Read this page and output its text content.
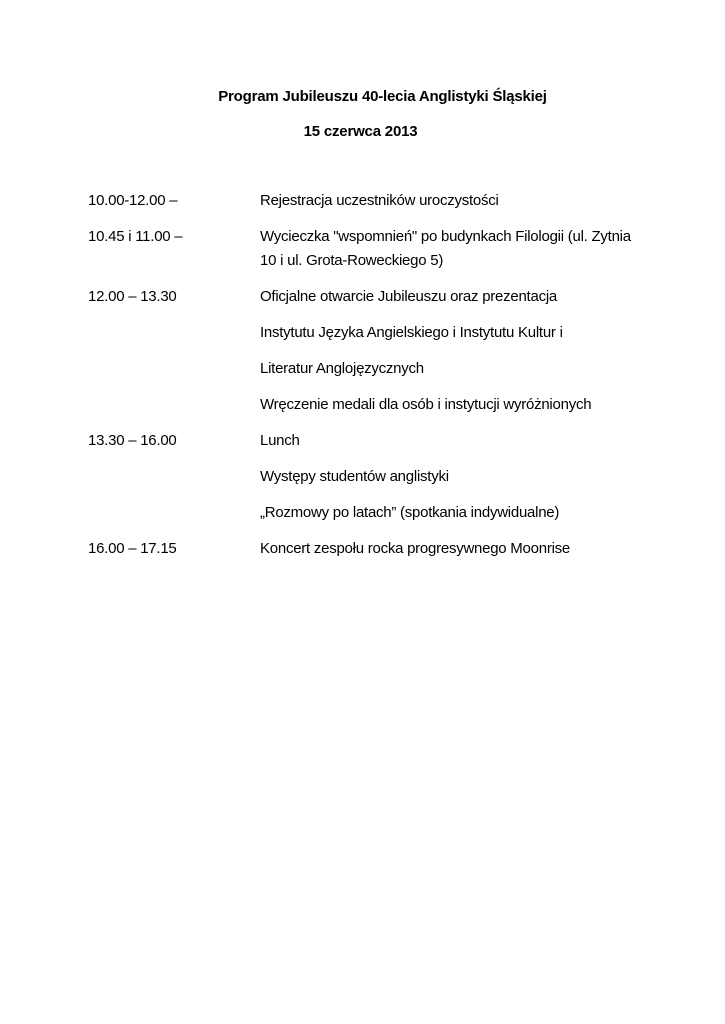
Program Jubileuszu 40-lecia Anglistyki Śląskiej
15 czerwca 2013
10.00-12.00 –	Rejestracja uczestników uroczystości
10.45 i 11.00 –	Wycieczka "wspomnień" po budynkach Filologii (ul. Zytnia 10 i ul. Grota-Roweckiego 5)
12.00 – 13.30	Oficjalne otwarcie Jubileuszu oraz prezentacja
Instytutu Języka Angielskiego i Instytutu Kultur i
Literatur Anglojęzycznych
Wręczenie medali dla osób i instytucji wyróżnionych
13.30 – 16.00	Lunch
Występy studentów anglistyki
„Rozmowy po latach” (spotkania indywidualne)
16.00 – 17.15	Koncert zespołu rocka progresywnego Moonrise
